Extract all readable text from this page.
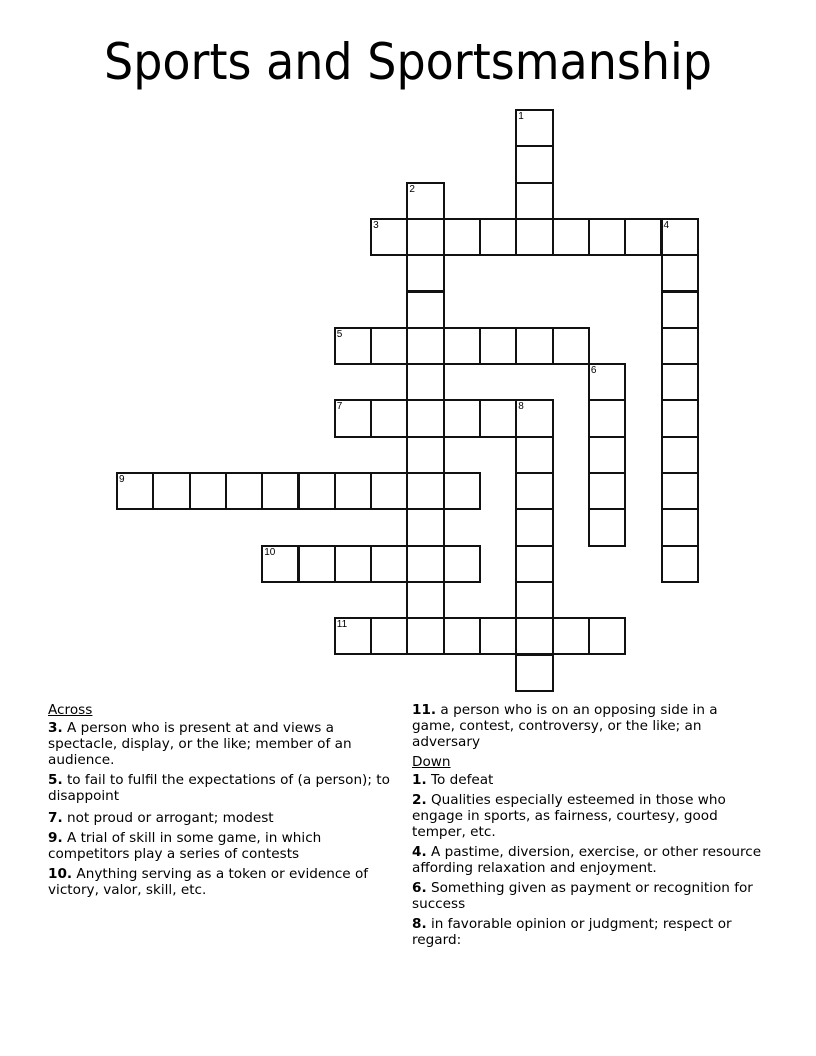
Sports and Sportsmanship
1
2
3	4
5
6
7	8
9
10
11
Across
3. A person who is present at and views a spectacle, display, or the like; member of an audience.
5. to fail to fulfil the expectations of (a person); to disappoint
7. not proud or arrogant; modest
9. A trial of skill in some game, in which competitors play a series of contests
10. Anything serving as a token or evidence of victory, valor, skill, etc.
11. a person who is on an opposing side in a game, contest, controversy, or the like; an adversary
Down
1. To defeat
2. Qualities especially esteemed in those who engage in sports, as fairness, courtesy, good temper, etc.
4. A pastime, diversion, exercise, or other resource affording relaxation and enjoyment.
6. Something given as payment or recognition for success
8. in favorable opinion or judgment; respect or regard:
